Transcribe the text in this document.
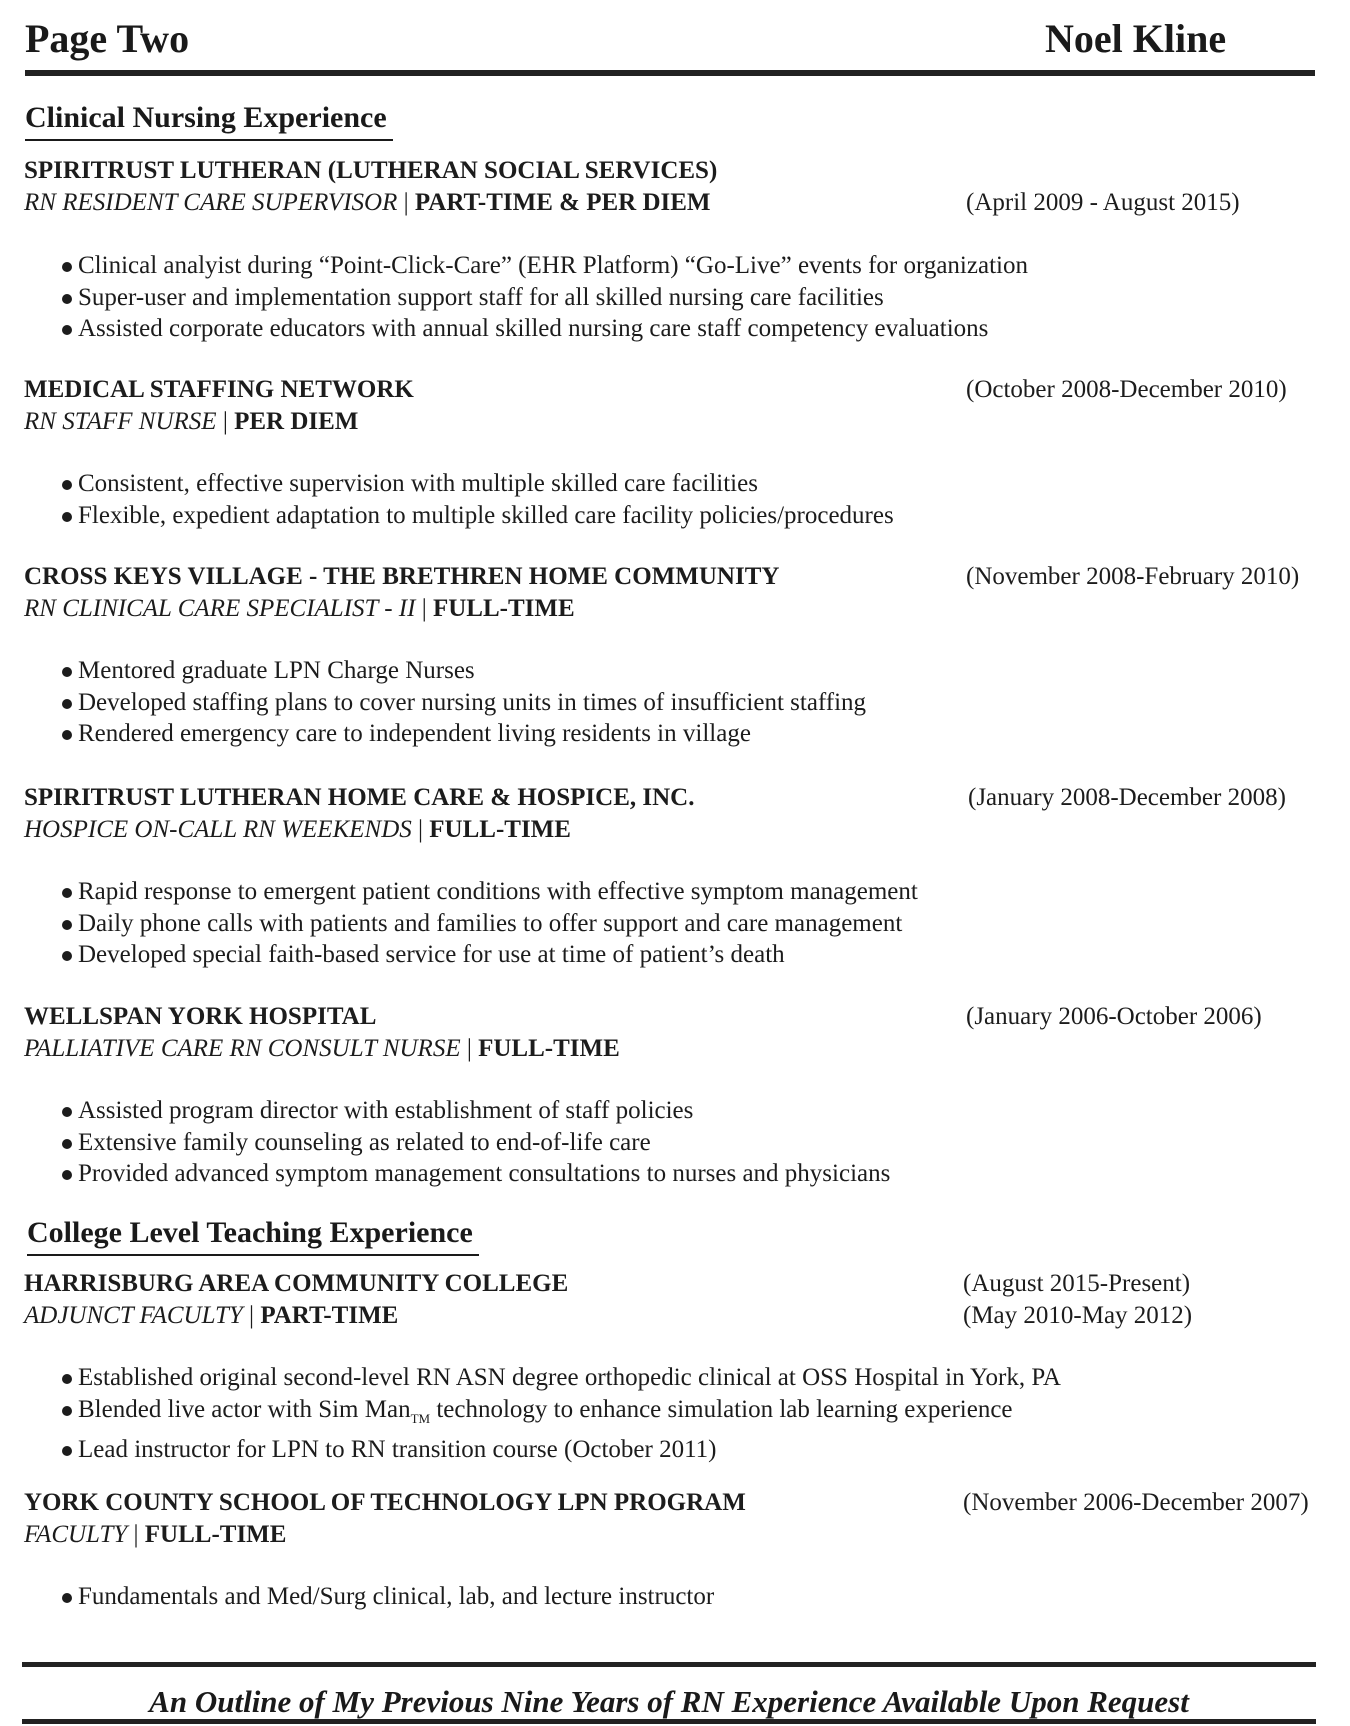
Page Two	Noel Kline
Clinical Nursing Experience
SPIRITRUST LUTHERAN (LUTHERAN SOCIAL SERVICES)
RN RESIDENT CARE SUPERVISOR | PART-TIME & PER DIEM	(April 2009 - August 2015)
Clinical analyist during “Point-Click-Care” (EHR Platform) “Go-Live” events for organization
Super-user and implementation support staff for all skilled nursing care facilities
Assisted corporate educators with annual skilled nursing care staff competency evaluations
MEDICAL STAFFING NETWORK
RN STAFF NURSE | PER DIEM
(October 2008-December 2010)
Consistent, effective supervision with multiple skilled care facilities
Flexible, expedient adaptation to multiple skilled care facility policies/procedures
CROSS KEYS VILLAGE - THE BRETHREN HOME COMMUNITY
RN CLINICAL CARE SPECIALIST - II | FULL-TIME
(November 2008-February 2010)
Mentored graduate LPN Charge Nurses
Developed staffing plans to cover nursing units in times of insufficient staffing
Rendered emergency care to independent living residents in village
SPIRITRUST LUTHERAN HOME CARE & HOSPICE, INC.
HOSPICE ON-CALL RN WEEKENDS | FULL-TIME
(January 2008-December 2008)
Rapid response to emergent patient conditions with effective symptom management
Daily phone calls with patients and families to offer support and care management
Developed special faith-based service for use at time of patient’s death
WELLSPAN YORK HOSPITAL
PALLIATIVE CARE RN CONSULT NURSE | FULL-TIME
(January 2006-October 2006)
Assisted program director with establishment of staff policies
Extensive family counseling as related to end-of-life care
Provided advanced symptom management consultations to nurses and physicians
College Level Teaching Experience
HARRISBURG AREA COMMUNITY COLLEGE
ADJUNCT FACULTY | PART-TIME
(August 2015-Present)
(May 2010-May 2012)
Established original second-level RN ASN degree orthopedic clinical at OSS Hospital in York, PA
Blended live actor with Sim Man$_{TM}$ technology to enhance simulation lab learning experience
Lead instructor for LPN to RN transition course (October 2011)
YORK COUNTY SCHOOL OF TECHNOLOGY LPN PROGRAM
FACULTY | FULL-TIME
(November 2006-December 2007)
Fundamentals and Med/Surg clinical, lab, and lecture instructor
An Outline of My Previous Nine Years of RN Experience Available Upon Request
